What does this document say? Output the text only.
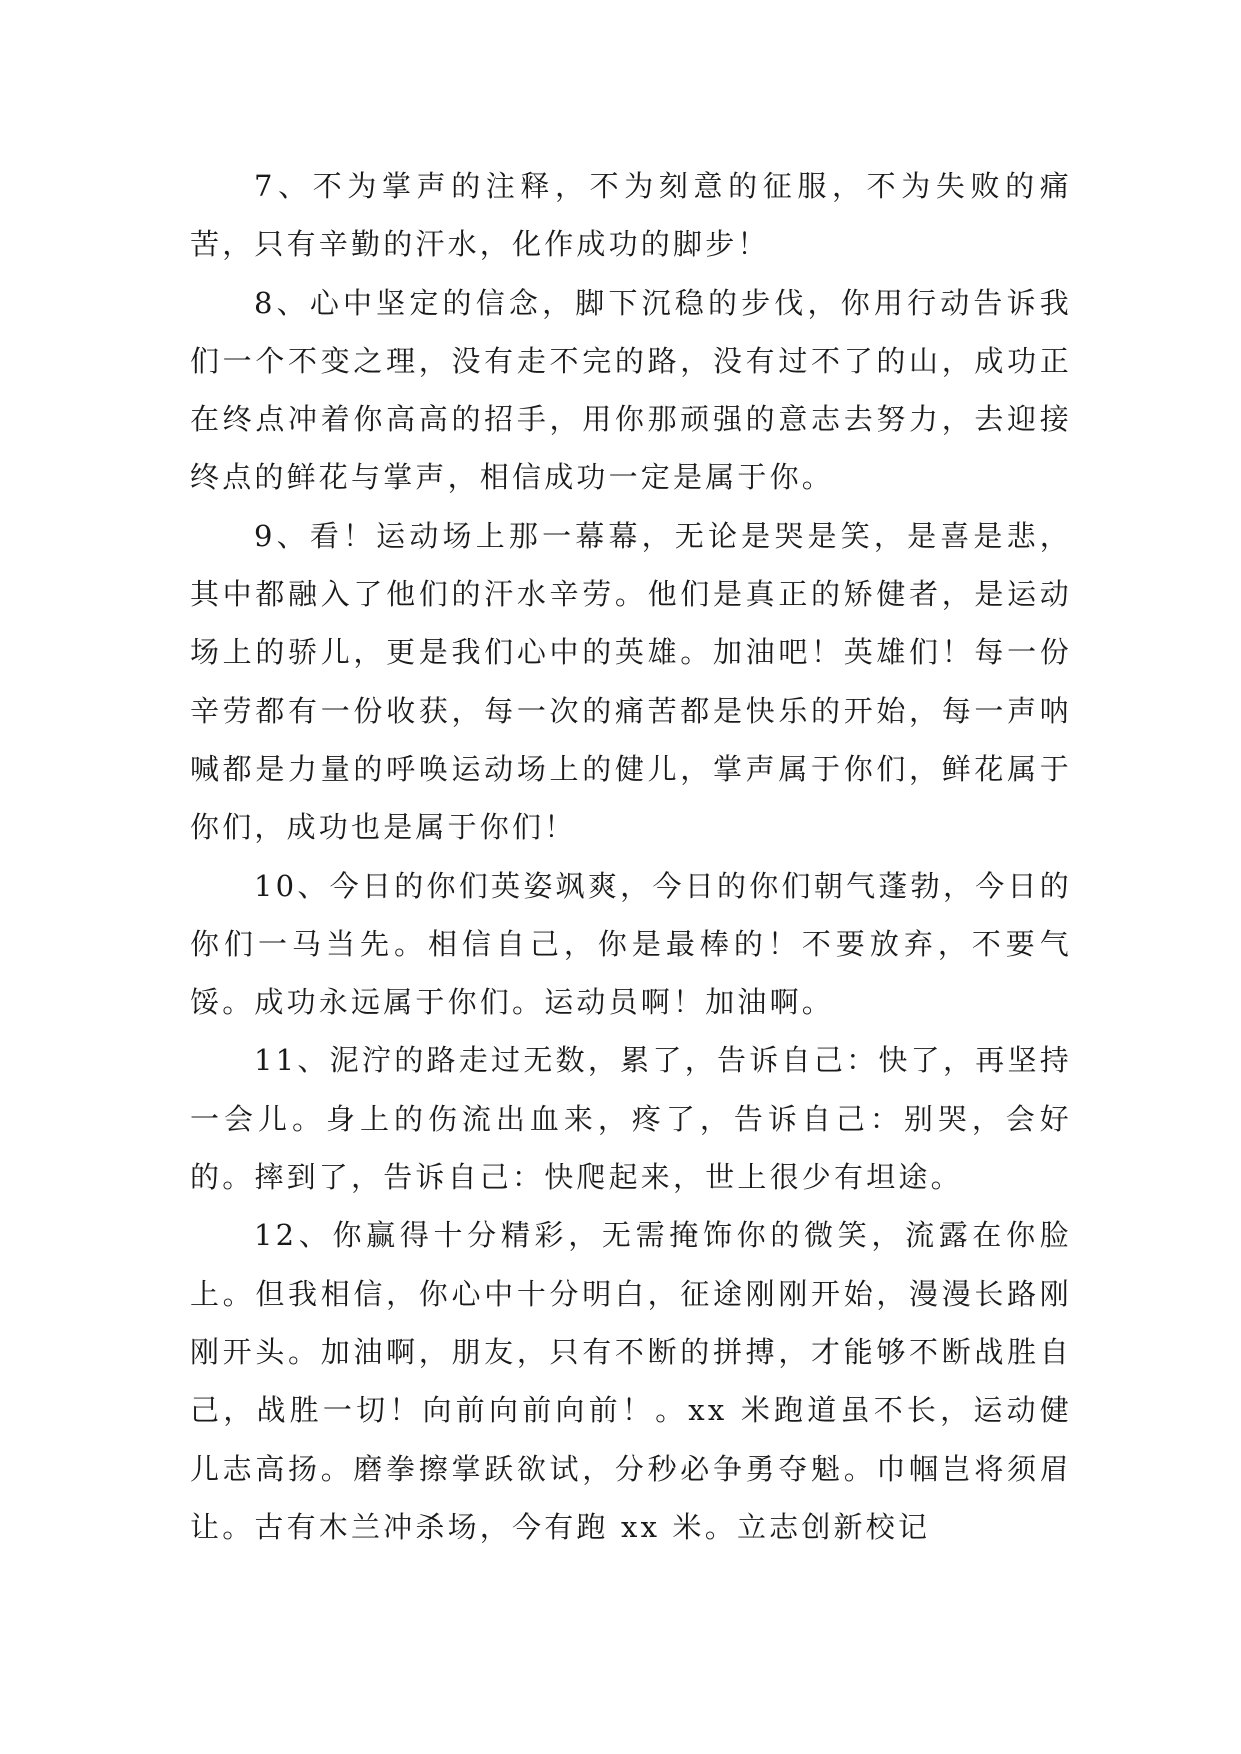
7、不为掌声的注释，不为刻意的征服，不为失败的痛苦，只有辛勤的汗水，化作成功的脚步！

8、心中坚定的信念，脚下沉稳的步伐，你用行动告诉我们一个不变之理，没有走不完的路，没有过不了的山，成功正在终点冲着你高高的招手，用你那顽强的意志去努力，去迎接终点的鲜花与掌声，相信成功一定是属于你。

9、看！运动场上那一幕幕，无论是哭是笑，是喜是悲，其中都融入了他们的汗水辛劳。他们是真正的矫健者，是运动场上的骄儿，更是我们心中的英雄。加油吧！英雄们！每一份辛劳都有一份收获，每一次的痛苦都是快乐的开始，每一声呐喊都是力量的呼唤运动场上的健儿，掌声属于你们，鲜花属于你们，成功也是属于你们！

10、今日的你们英姿飒爽，今日的你们朝气蓬勃，今日的你们一马当先。相信自己，你是最棒的！不要放弃，不要气馁。成功永远属于你们。运动员啊！加油啊。

11、泥泞的路走过无数，累了，告诉自己：快了，再坚持一会儿。身上的伤流出血来，疼了，告诉自己：别哭，会好的。摔到了，告诉自己：快爬起来，世上很少有坦途。

12、你赢得十分精彩，无需掩饰你的微笑，流露在你脸上。但我相信，你心中十分明白，征途刚刚开始，漫漫长路刚刚开头。加油啊，朋友，只有不断的拼搏，才能够不断战胜自己，战胜一切！向前向前向前！。xx 米跑道虽不长，运动健儿志高扬。磨拳擦掌跃欲试，分秒必争勇夺魁。巾帼岂将须眉让。古有木兰冲杀场，今有跑 xx 米。立志创新校记
